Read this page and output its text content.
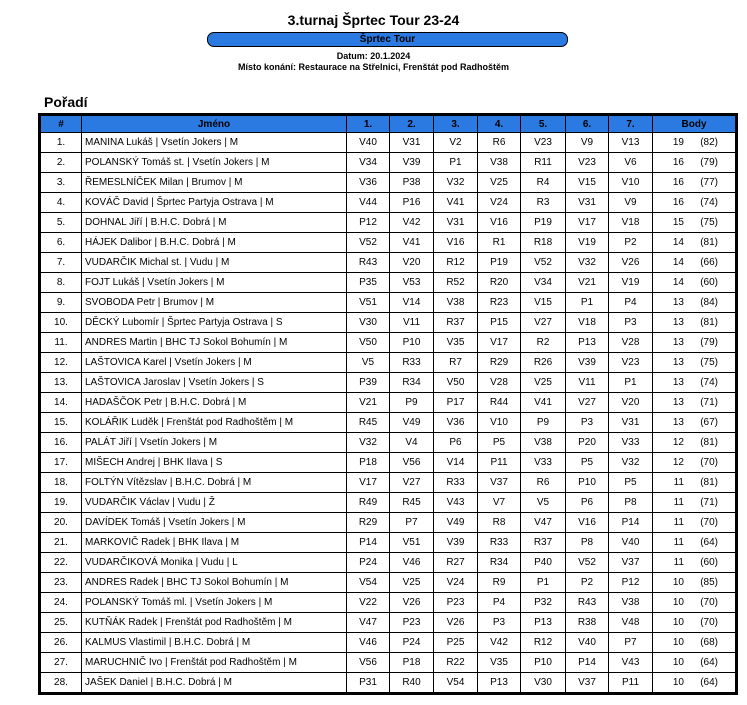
3.turnaj Šprtec Tour 23-24
Šprtec Tour
Datum: 20.1.2024
Místo konání: Restaurace na Střelnici, Frenštát pod Radhoštěm
Pořadí
#	Jméno	1.	2.	3.	4.	5.	6.	7.	Body
1.	MANINA Lukáš | Vsetín Jokers | M	V40	V31	V2	R6	V23	V9	V13	19 (82)
2.	POLANSKÝ Tomáš st. | Vsetín Jokers | M	V34	V39	P1	V38	R11	V23	V6	16 (79)
3.	ŘEMESLNÍČEK Milan | Brumov | M	V36	P38	V32	V25	R4	V15	V10	16 (77)
4.	KOVÁČ David | Šprtec Partyja Ostrava | M	V44	P16	V41	V24	R3	V31	V9	16 (74)
5.	DOHNAL Jiří | B.H.C. Dobrá | M	P12	V42	V31	V16	P19	V17	V18	15 (75)
6.	HÁJEK Dalibor | B.H.C. Dobrá | M	V52	V41	V16	R1	R18	V19	P2	14 (81)
7.	VUDARČIK Michal st. | Vudu | M	R43	V20	R12	P19	V52	V32	V26	14 (66)
8.	FOJT Lukáš | Vsetín Jokers | M	P35	V53	R52	R20	V34	V21	V19	14 (60)
9.	SVOBODA Petr | Brumov | M	V51	V14	V38	R23	V15	P1	P4	13 (84)
10.	DĚCKÝ Lubomír | Šprtec Partyja Ostrava | S	V30	V11	R37	P15	V27	V18	P3	13 (81)
11.	ANDRES Martin | BHC TJ Sokol Bohumín | M	V50	P10	V35	V17	R2	P13	V28	13 (79)
12.	LAŠTOVICA Karel | Vsetín Jokers | M	V5	R33	R7	R29	R26	V39	V23	13 (75)
13.	LAŠTOVICA Jaroslav | Vsetín Jokers | S	P39	R34	V50	V28	V25	V11	P1	13 (74)
14.	HADAŠČOK Petr | B.H.C. Dobrá | M	V21	P9	P17	R44	V41	V27	V20	13 (71)
15.	KOLÁŘIK Luděk | Frenštát pod Radhoštěm | M	R45	V49	V36	V10	P9	P3	V31	13 (67)
16.	PALÁT Jiří | Vsetín Jokers | M	V32	V4	P6	P5	V38	P20	V33	12 (81)
17.	MIŠECH Andrej | BHK Ilava | S	P18	V56	V14	P11	V33	P5	V32	12 (70)
18.	FOLTÝN Vítězslav | B.H.C. Dobrá | M	V17	V27	R33	V37	R6	P10	P5	11 (81)
19.	VUDARČIK Václav | Vudu | Ž	R49	R45	V43	V7	V5	P6	P8	11 (71)
20.	DAVÍDEK Tomáš | Vsetín Jokers | M	R29	P7	V49	R8	V47	V16	P14	11 (70)
21.	MARKOVIČ Radek | BHK Ilava | M	P14	V51	V39	R33	R37	P8	V40	11 (64)
22.	VUDARČIKOVÁ Monika | Vudu | L	P24	V46	R27	R34	P40	V52	V37	11 (60)
23.	ANDRES Radek | BHC TJ Sokol Bohumín | M	V54	V25	V24	R9	P1	P2	P12	10 (85)
24.	POLANSKÝ Tomáš ml. | Vsetín Jokers | M	V22	V26	P23	P4	P32	R43	V38	10 (70)
25.	KUTŇÁK Radek | Frenštát pod Radhoštěm | M	V47	P23	V26	P3	P13	R38	V48	10 (70)
26.	KALMUS Vlastimil | B.H.C. Dobrá | M	V46	P24	P25	V42	R12	V40	P7	10 (68)
27.	MARUCHNIČ Ivo | Frenštát pod Radhoštěm | M	V56	P18	R22	V35	P10	P14	V43	10 (64)
28.	JAŠEK Daniel | B.H.C. Dobrá | M	P31	R40	V54	P13	V30	V37	P11	10 (64)
